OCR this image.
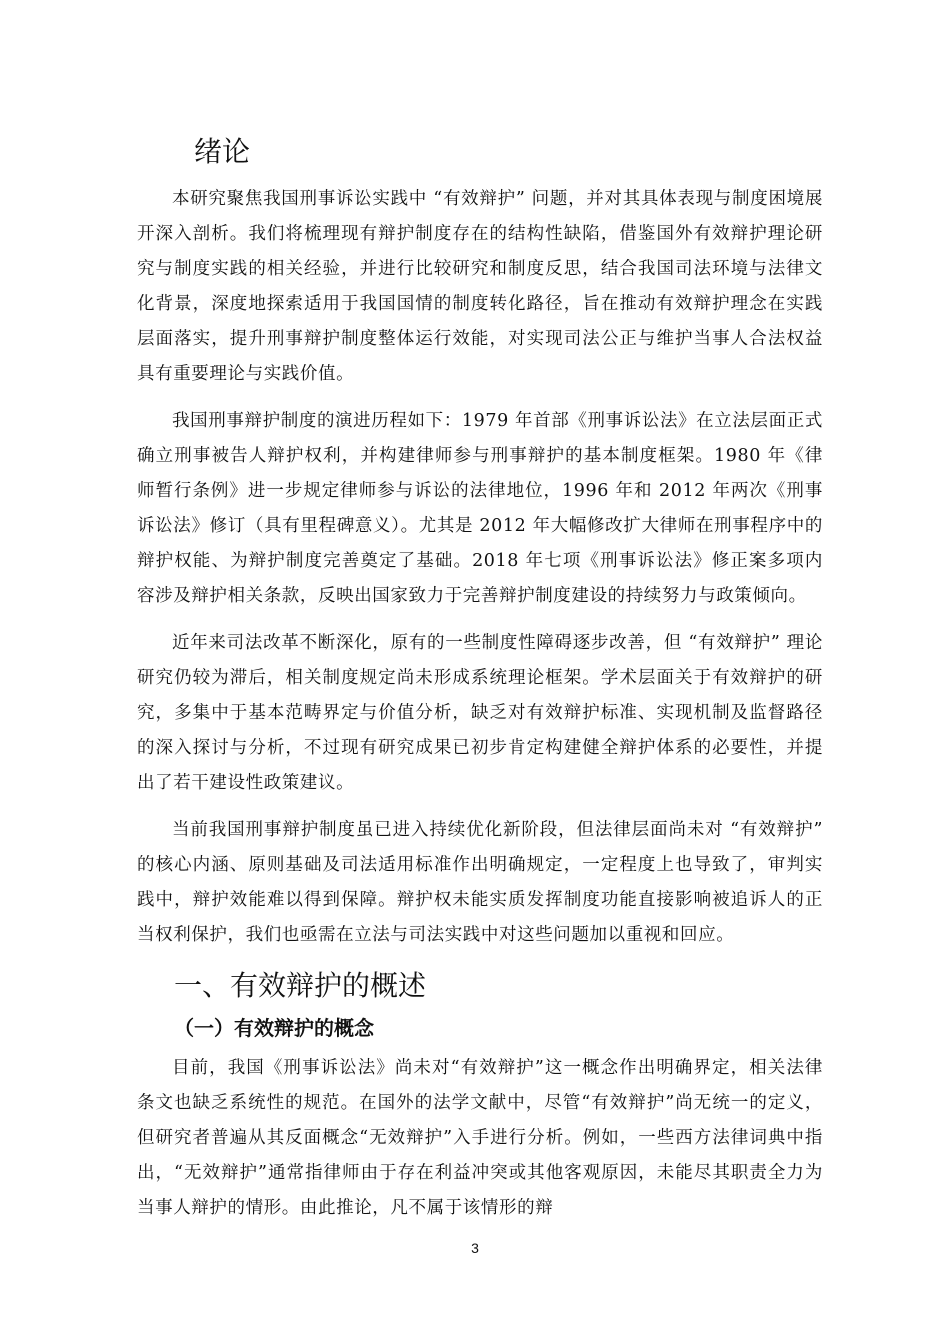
绪论

本研究聚焦我国刑事诉讼实践中 “有效辩护” 问题，并对其具体表现与制度困境展开深入剖析。我们将梳理现有辩护制度存在的结构性缺陷，借鉴国外有效辩护理论研究与制度实践的相关经验，并进行比较研究和制度反思，结合我国司法环境与法律文化背景，深度地探索适用于我国国情的制度转化路径，旨在推动有效辩护理念在实践层面落实，提升刑事辩护制度整体运行效能，对实现司法公正与维护当事人合法权益具有重要理论与实践价值。

我国刑事辩护制度的演进历程如下：1979 年首部《刑事诉讼法》在立法层面正式确立刑事被告人辩护权利，并构建律师参与刑事辩护的基本制度框架。1980 年《律师暂行条例》进一步规定律师参与诉讼的法律地位，1996 年和 2012 年两次《刑事诉讼法》修订（具有里程碑意义）。尤其是 2012 年大幅修改扩大律师在刑事程序中的辩护权能、为辩护制度完善奠定了基础。2018 年七项《刑事诉讼法》修正案多项内容涉及辩护相关条款，反映出国家致力于完善辩护制度建设的持续努力与政策倾向。

近年来司法改革不断深化，原有的一些制度性障碍逐步改善，但 “有效辩护” 理论研究仍较为滞后，相关制度规定尚未形成系统理论框架。学术层面关于有效辩护的研究，多集中于基本范畴界定与价值分析，缺乏对有效辩护标准、实现机制及监督路径的深入探讨与分析，不过现有研究成果已初步肯定构建健全辩护体系的必要性，并提出了若干建设性政策建议。

当前我国刑事辩护制度虽已进入持续优化新阶段，但法律层面尚未对 “有效辩护” 的核心内涵、原则基础及司法适用标准作出明确规定，一定程度上也导致了，审判实践中，辩护效能难以得到保障。辩护权未能实质发挥制度功能直接影响被追诉人的正当权利保护，我们也亟需在立法与司法实践中对这些问题加以重视和回应。

一、有效辩护的概述
（一）有效辩护的概念

目前，我国《刑事诉讼法》尚未对“有效辩护”这一概念作出明确界定，相关法律条文也缺乏系统性的规范。在国外的法学文献中，尽管“有效辩护”尚无统一的定义，但研究者普遍从其反面概念“无效辩护”入手进行分析。例如，一些西方法律词典中指出，“无效辩护”通常指律师由于存在利益冲突或其他客观原因，未能尽其职责全力为当事人辩护的情形。由此推论，凡不属于该情形的辩

3
